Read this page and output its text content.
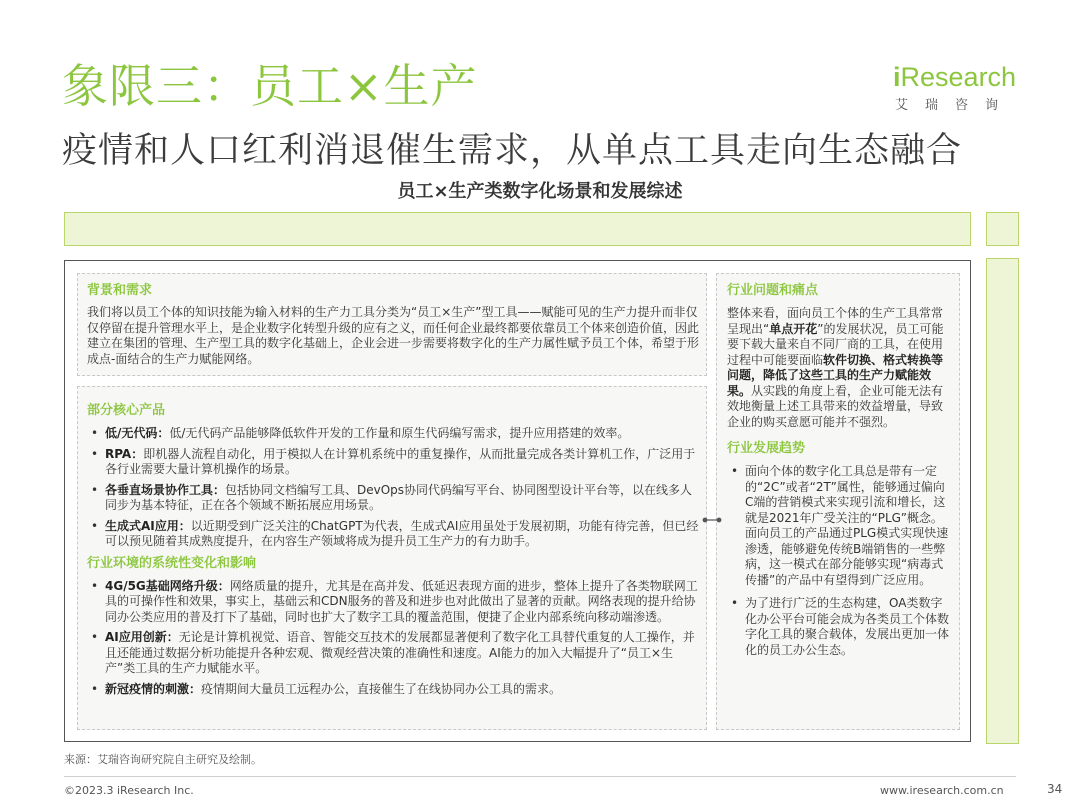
象限三：员工×生产
疫情和人口红利消退催生需求，从单点工具走向生态融合
iResearch
艾瑞咨询
员工×生产类数字化场景和发展综述
背景和需求
我们将以员工个体的知识技能为输入材料的生产力工具分类为“员工×生产”型工具——赋能可见的生产力提升而非仅仅停留在提升管理水平上，是企业数字化转型升级的应有之义，而任何企业最终都要依靠员工个体来创造价值，因此建立在集团的管理、生产型工具的数字化基础上，企业会进一步需要将数字化的生产力属性赋予员工个体，希望于形成点-面结合的生产力赋能网络。
部分核心产品
• 低/无代码：低/无代码产品能够降低软件开发的工作量和原生代码编写需求，提升应用搭建的效率。
• RPA：即机器人流程自动化，用于模拟人在计算机系统中的重复操作，从而批量完成各类计算机工作，广泛用于各行业需要大量计算机操作的场景。
• 各垂直场景协作工具：包括协同文档编写工具、DevOps协同代码编写平台、协同图型设计平台等，以在线多人同步为基本特征，正在各个领域不断拓展应用场景。
• 生成式AI应用：以近期受到广泛关注的ChatGPT为代表，生成式AI应用虽处于发展初期，功能有待完善，但已经可以预见随着其成熟度提升，在内容生产领域将成为提升员工生产力的有力助手。
行业环境的系统性变化和影响
• 4G/5G基础网络升级：网络质量的提升，尤其是在高并发、低延迟表现方面的进步，整体上提升了各类物联网工具的可操作性和效果，事实上，基础云和CDN服务的普及和进步也对此做出了显著的贡献。网络表现的提升给协同办公类应用的普及打下了基础，同时也扩大了数字工具的覆盖范围，便捷了企业内部系统向移动端渗透。
• AI应用创新：无论是计算机视觉、语音、智能交互技术的发展都显著便利了数字化工具替代重复的人工操作，并且还能通过数据分析功能提升各种宏观、微观经营决策的准确性和速度。AI能力的加入大幅提升了“员工×生产”类工具的生产力赋能水平。
• 新冠疫情的刺激：疫情期间大量员工远程办公，直接催生了在线协同办公工具的需求。
行业问题和痛点
整体来看，面向员工个体的生产工具常常呈现出“单点开花”的发展状况，员工可能要下载大量来自不同厂商的工具，在使用过程中可能要面临软件切换、格式转换等问题，降低了这些工具的生产力赋能效果。从实践的角度上看，企业可能无法有效地衡量上述工具带来的效益增量，导致企业的购买意愿可能并不强烈。
行业发展趋势
• 面向个体的数字化工具总是带有一定的“2C”或者“2T”属性，能够通过偏向C端的营销模式来实现引流和增长，这就是2021年广受关注的“PLG”概念。面向员工的产品通过PLG模式实现快速渗透，能够避免传统B端销售的一些弊病，这一模式在部分能够实现“病毒式传播”的产品中有望得到广泛应用。
• 为了进行广泛的生态构建，OA类数字化办公平台可能会成为各类员工个体数字化工具的聚合载体，发展出更加一体化的员工办公生态。
来源：艾瑞咨询研究院自主研究及绘制。
©2023.3 iResearch Inc.	www.iresearch.com.cn	34
